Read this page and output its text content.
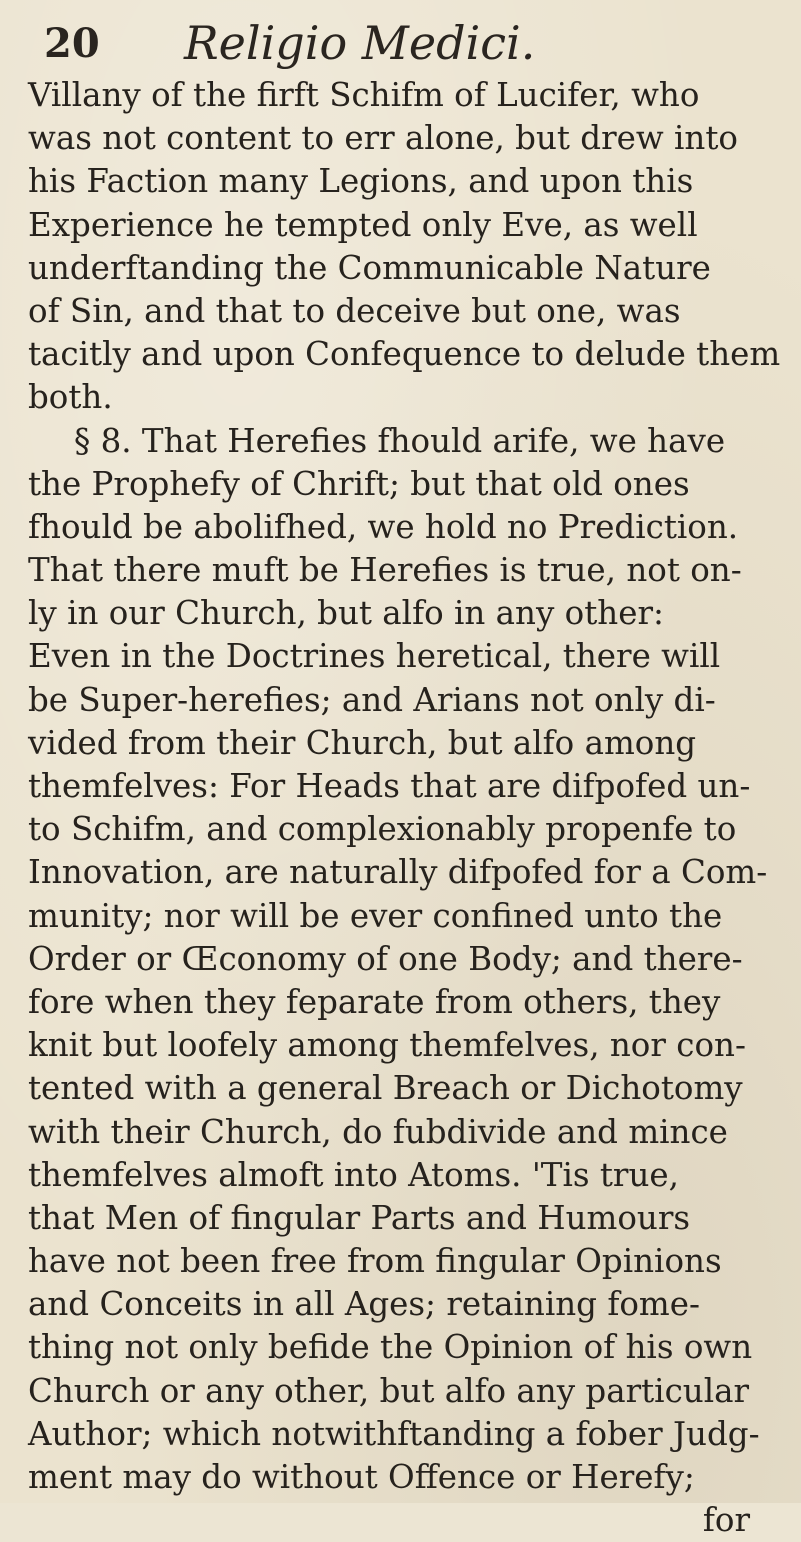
20 Religio Medici.
Villany of the firft Schifm of Lucifer, who
was not content to err alone, but drew into
his Faction many Legions, and upon this
Experience he tempted only Eve, as well
underftanding the Communicable Nature
of Sin, and that to deceive but one, was
tacitly and upon Confequence to delude them
both.
§ 8. That Herefies fhould arife, we have
the Prophefy of Chrift; but that old ones
fhould be abolifhed, we hold no Prediction.
That there muft be Herefies is true, not on-
ly in our Church, but alfo in any other:
Even in the Doctrines heretical, there will
be Super-herefies; and Arians not only di-
vided from their Church, but alfo among
themfelves: For Heads that are difpofed un-
to Schifm, and complexionably propenfe to
Innovation, are naturally difpofed for a Com-
munity; nor will be ever confined unto the
Order or Œconomy of one Body; and there-
fore when they feparate from others, they
knit but loofely among themfelves, nor con-
tented with a general Breach or Dichotomy
with their Church, do fubdivide and mince
themfelves almoft into Atoms. 'Tis true,
that Men of fingular Parts and Humours
have not been free from fingular Opinions
and Conceits in all Ages; retaining fome-
thing not only befide the Opinion of his own
Church or any other, but alfo any particular
Author; which notwithftanding a fober Judg-
ment may do without Offence or Herefy;
for
